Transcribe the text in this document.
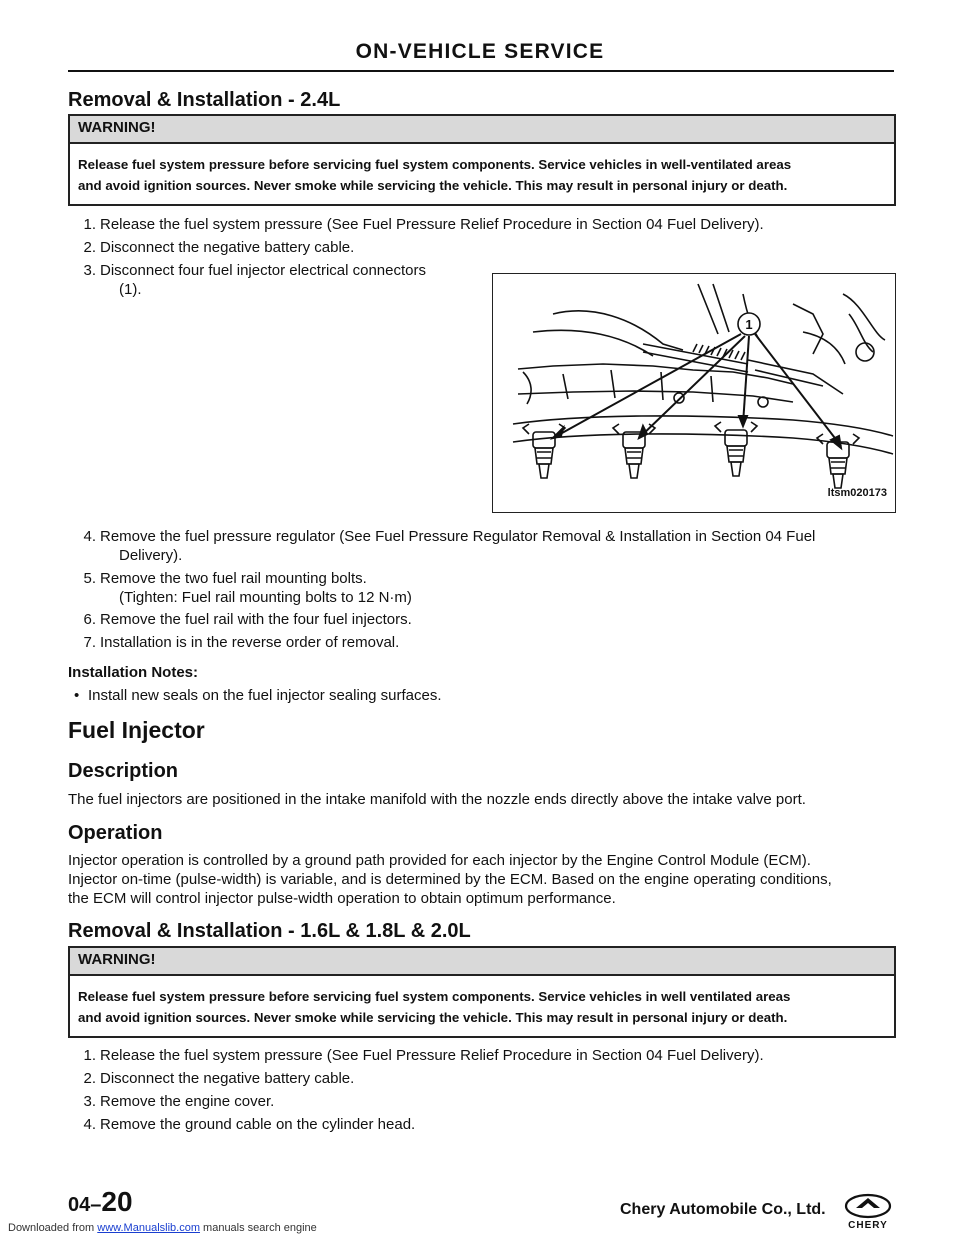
ON-VEHICLE SERVICE
Removal & Installation - 2.4L
WARNING!
Release fuel system pressure before servicing fuel system components. Service vehicles in well-ventilated areas
and avoid ignition sources. Never smoke while servicing the vehicle. This may result in personal injury or death.
1. Release the fuel system pressure (See Fuel Pressure Relief Procedure in Section 04 Fuel Delivery).
2. Disconnect the negative battery cable.
3. Disconnect four fuel injector electrical connectors
(1).
1
ltsm020173
4. Remove the fuel pressure regulator (See Fuel Pressure Regulator Removal & Installation in Section 04 Fuel
Delivery).
5. Remove the two fuel rail mounting bolts.
(Tighten: Fuel rail mounting bolts to 12 N·m)
6. Remove the fuel rail with the four fuel injectors.
7. Installation is in the reverse order of removal.
Installation Notes:
• Install new seals on the fuel injector sealing surfaces.
Fuel Injector
Description
The fuel injectors are positioned in the intake manifold with the nozzle ends directly above the intake valve port.
Operation
Injector operation is controlled by a ground path provided for each injector by the Engine Control Module (ECM).
Injector on-time (pulse-width) is variable, and is determined by the ECM. Based on the engine operating conditions,
the ECM will control injector pulse-width operation to obtain optimum performance.
Removal & Installation - 1.6L & 1.8L & 2.0L
WARNING!
Release fuel system pressure before servicing fuel system components. Service vehicles in well ventilated areas
and avoid ignition sources. Never smoke while servicing the vehicle. This may result in personal injury or death.
1. Release the fuel system pressure (See Fuel Pressure Relief Procedure in Section 04 Fuel Delivery).
2. Disconnect the negative battery cable.
3. Remove the engine cover.
4. Remove the ground cable on the cylinder head.
04–20	Chery Automobile Co., Ltd.
CHERY
Downloaded from www.Manualslib.com manuals search engine
